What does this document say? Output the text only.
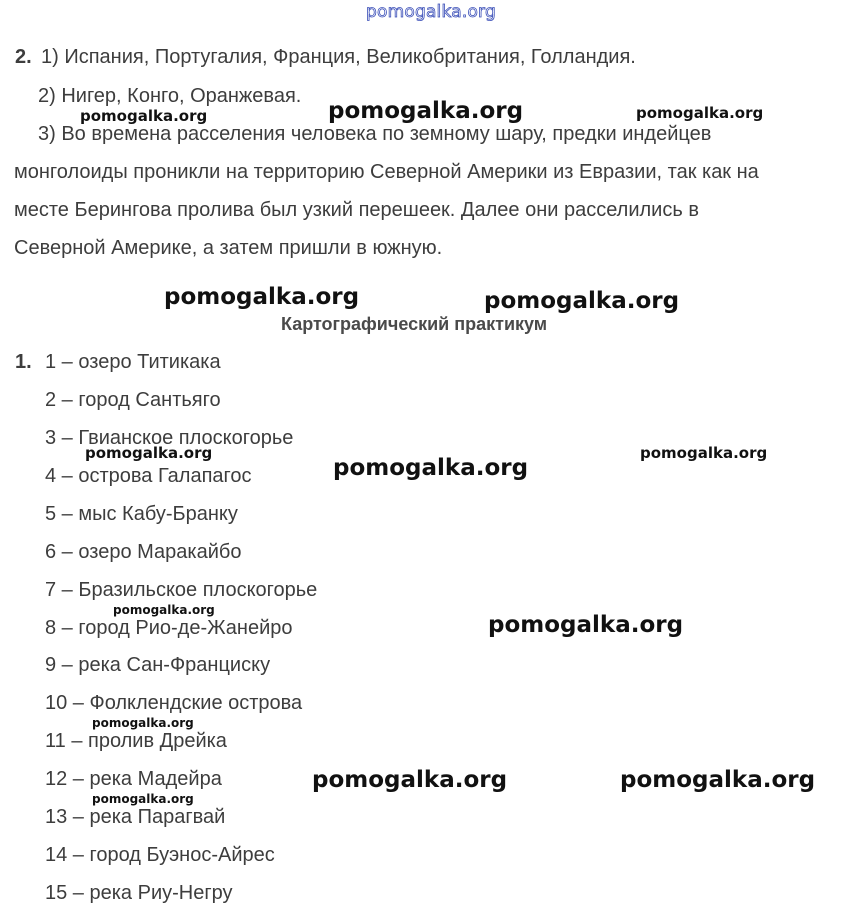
pomogalka.org
2. 1) Испания, Португалия, Франция, Великобритания, Голландия.
2) Нигер, Конго, Оранжевая.
3) Во времена расселения человека по земному шару, предки индейцев
монголоиды проникли на территорию Северной Америки из Евразии, так как на
месте Берингова пролива был узкий перешеек. Далее они расселились в
Северной Америке, а затем пришли в южную.
Картографический практикум
1. 1 – озеро Титикака
2 – город Сантьяго
3 – Гвианское плоскогорье
4 – острова Галапагос
5 – мыс Кабу-Бранку
6 – озеро Маракайбо
7 – Бразильское плоскогорье
8 – город Рио-де-Жанейро
9 – река Сан-Франциску
10 – Фолклендские острова
11 – пролив Дрейка
12 – река Мадейра
13 – река Парагвай
14 – город Буэнос-Айрес
15 – река Риу-Негру
pomogalka.org
pomogalka.org	pomogalka.org
pomogalka.org	pomogalka.org
pomogalka.org	pomogalka.org
pomogalka.org
pomogalka.org
pomogalka.org
pomogalka.org
pomogalka.org	pomogalka.org
pomogalka.org
